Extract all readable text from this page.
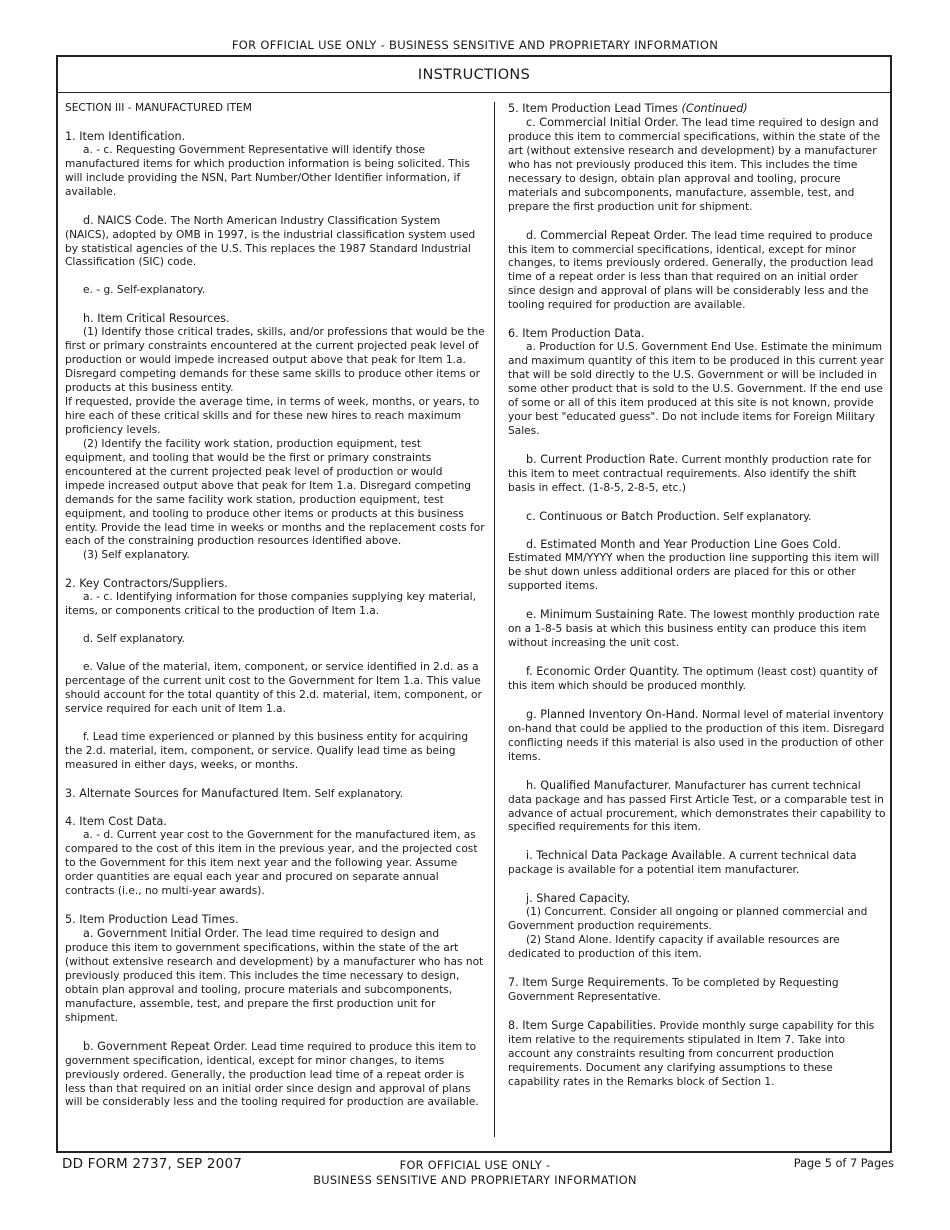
FOR OFFICIAL USE ONLY - BUSINESS SENSITIVE AND PROPRIETARY INFORMATION
INSTRUCTIONS

SECTION III - MANUFACTURED ITEM

1. Item Identification.

a. - c. Requesting Government Representative will identify those manufactured items for which production information is being solicited. This will include providing the NSN, Part Number/Other Identifier information, if available.

d. NAICS Code. The North American Industry Classification System (NAICS), adopted by OMB in 1997, is the industrial classification system used by statistical agencies of the U.S. This replaces the 1987 Standard Industrial Classification (SIC) code.

e. - g. Self-explanatory.

h. Item Critical Resources.

(1) Identify those critical trades, skills, and/or professions that would be the first or primary constraints encountered at the current projected peak level of production or would impede increased output above that peak for Item 1.a. Disregard competing demands for these same skills to produce other items or products at this business entity.

If requested, provide the average time, in terms of week, months, or years, to hire each of these critical skills and for these new hires to reach maximum proficiency levels.

(2) Identify the facility work station, production equipment, test equipment, and tooling that would be the first or primary constraints encountered at the current projected peak level of production or would impede increased output above that peak for Item 1.a. Disregard competing demands for the same facility work station, production equipment, test equipment, and tooling to produce other items or products at this business entity. Provide the lead time in weeks or months and the replacement costs for each of the constraining production resources identified above.

(3) Self explanatory.

2. Key Contractors/Suppliers.

a. - c. Identifying information for those companies supplying key material, items, or components critical to the production of Item 1.a.

d. Self explanatory.

e. Value of the material, item, component, or service identified in 2.d. as a percentage of the current unit cost to the Government for Item 1.a. This value should account for the total quantity of this 2.d. material, item, component, or service required for each unit of Item 1.a.

f. Lead time experienced or planned by this business entity for acquiring the 2.d. material, item, component, or service. Qualify lead time as being measured in either days, weeks, or months.

3. Alternate Sources for Manufactured Item. Self explanatory.

4. Item Cost Data.

a. - d. Current year cost to the Government for the manufactured item, as compared to the cost of this item in the previous year, and the projected cost to the Government for this item next year and the following year. Assume order quantities are equal each year and procured on separate annual contracts (i.e., no multi-year awards).

5. Item Production Lead Times.

a. Government Initial Order. The lead time required to design and produce this item to government specifications, within the state of the art (without extensive research and development) by a manufacturer who has not previously produced this item. This includes the time necessary to design, obtain plan approval and tooling, procure materials and subcomponents, manufacture, assemble, test, and prepare the first production unit for shipment.

b. Government Repeat Order. Lead time required to produce this item to government specification, identical, except for minor changes, to items previously ordered. Generally, the production lead time of a repeat order is less than that required on an initial order since design and approval of plans will be considerably less and the tooling required for production are available.

5. Item Production Lead Times (Continued)

c. Commercial Initial Order. The lead time required to design and produce this item to commercial specifications, within the state of the art (without extensive research and development) by a manufacturer who has not previously produced this item. This includes the time necessary to design, obtain plan approval and tooling, procure materials and subcomponents, manufacture, assemble, test, and prepare the first production unit for shipment.

d. Commercial Repeat Order. The lead time required to produce this item to commercial specifications, identical, except for minor changes, to items previously ordered. Generally, the production lead time of a repeat order is less than that required on an initial order since design and approval of plans will be considerably less and the tooling required for production are available.

6. Item Production Data.

a. Production for U.S. Government End Use. Estimate the minimum and maximum quantity of this item to be produced in this current year that will be sold directly to the U.S. Government or will be included in some other product that is sold to the U.S. Government. If the end use of some or all of this item produced at this site is not known, provide your best "educated guess". Do not include items for Foreign Military Sales.

b. Current Production Rate. Current monthly production rate for this item to meet contractual requirements. Also identify the shift basis in effect. (1-8-5, 2-8-5, etc.)

c. Continuous or Batch Production. Self explanatory.

d. Estimated Month and Year Production Line Goes Cold.

Estimated MM/YYYY when the production line supporting this item will be shut down unless additional orders are placed for this or other supported items.

e. Minimum Sustaining Rate. The lowest monthly production rate on a 1-8-5 basis at which this business entity can produce this item without increasing the unit cost.

f. Economic Order Quantity. The optimum (least cost) quantity of this item which should be produced monthly.

g. Planned Inventory On-Hand. Normal level of material inventory on-hand that could be applied to the production of this item. Disregard conflicting needs if this material is also used in the production of other items.

h. Qualified Manufacturer. Manufacturer has current technical data package and has passed First Article Test, or a comparable test in advance of actual procurement, which demonstrates their capability to specified requirements for this item.

i. Technical Data Package Available. A current technical data package is available for a potential item manufacturer.

j. Shared Capacity.

(1) Concurrent. Consider all ongoing or planned commercial and Government production requirements.

(2) Stand Alone. Identify capacity if available resources are dedicated to production of this item.

7. Item Surge Requirements. To be completed by Requesting Government Representative.

8. Item Surge Capabilities. Provide monthly surge capability for this item relative to the requirements stipulated in Item 7. Take into account any constraints resulting from concurrent production requirements. Document any clarifying assumptions to these capability rates in the Remarks block of Section 1.

DD FORM 2737, SEP 2007	FOR OFFICIAL USE ONLY -
BUSINESS SENSITIVE AND PROPRIETARY INFORMATION
Page 5 of 7 Pages
